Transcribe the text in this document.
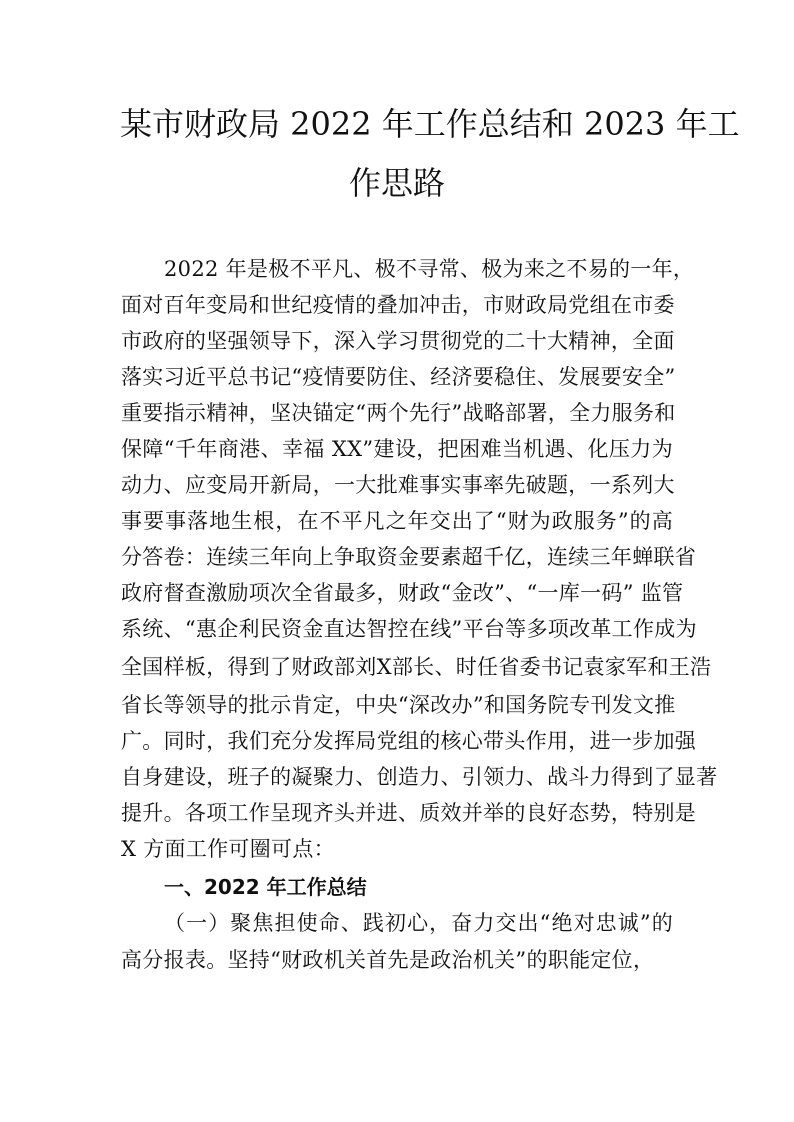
某市财政局 2022 年工作总结和 2023 年工
作思路
2022 年是极不平凡、极不寻常、极为来之不易的一年，
面对百年变局和世纪疫情的叠加冲击，市财政局党组在市委
市政府的坚强领导下，深入学习贯彻党的二十大精神，全面
落实习近平总书记“疫情要防住、经济要稳住、发展要安全”
重要指示精神，坚决锚定“两个先行”战略部署，全力服务和
保障“千年商港、幸福 XX”建设，把困难当机遇、化压力为
动力、应变局开新局，一大批难事实事率先破题，一系列大
事要事落地生根，在不平凡之年交出了“财为政服务”的高
分答卷：连续三年向上争取资金要素超千亿，连续三年蝉联省
政府督查激励项次全省最多，财政“金改”、“一库一码” 监管
系统、“惠企利民资金直达智控在线”平台等多项改革工作成为
全国样板，得到了财政部刘X部长、时任省委书记袁家军和王浩
省长等领导的批示肯定，中央“深改办”和国务院专刊发文推
广。同时，我们充分发挥局党组的核心带头作用，进一步加强
自身建设，班子的凝聚力、创造力、引领力、战斗力得到了显著
提升。各项工作呈现齐头并进、质效并举的良好态势，特别是
X 方面工作可圈可点：
一、2022 年工作总结
（一）聚焦担使命、践初心，奋力交出“绝对忠诚”的
高分报表。坚持“财政机关首先是政治机关”的职能定位，
